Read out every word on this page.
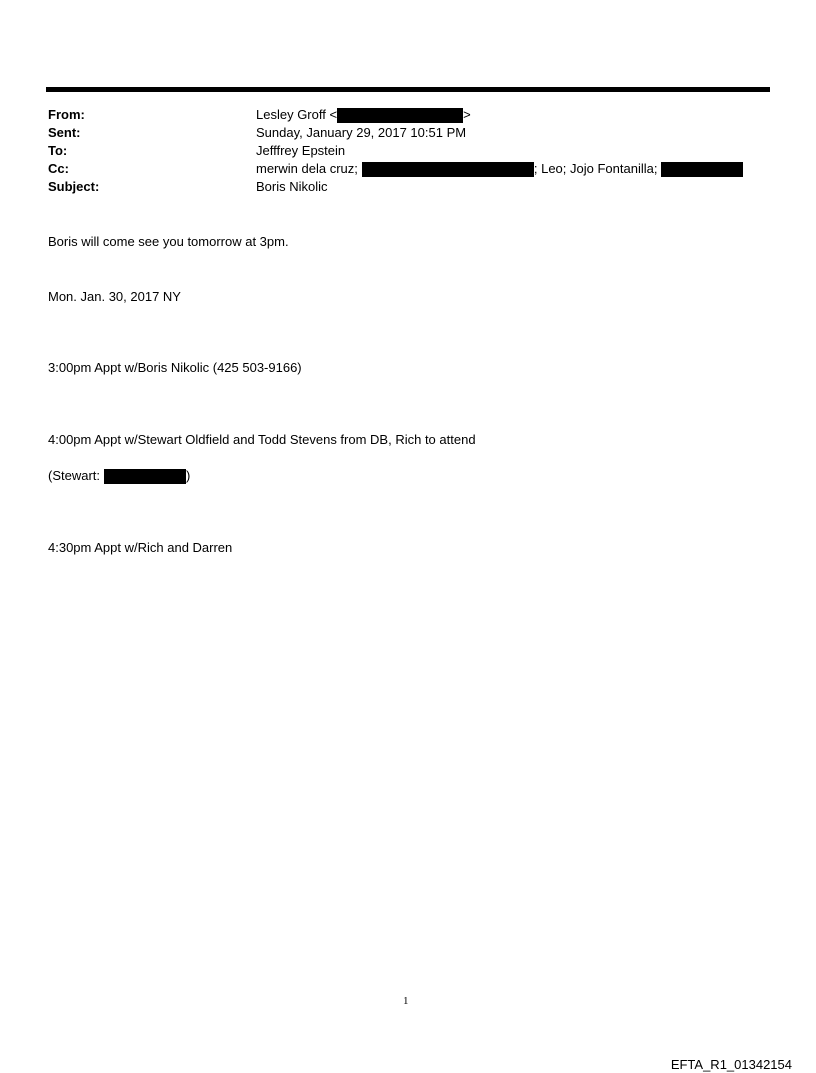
From:	Lesley Groff <	>
Sent:	Sunday, January 29, 2017 10:51 PM
To:	Jefffrey Epstein
Cc:	merwin dela cruz;	; Leo; Jojo Fontanilla;
Subject:	Boris Nikolic
Boris will come see you tomorrow at 3pm.
Mon. Jan. 30, 2017 NY
3:00pm Appt w/Boris Nikolic (425 503-9166)
4:00pm Appt w/Stewart Oldfield and Todd Stevens from DB, Rich to attend
(Stewart:	)
4:30pm Appt w/Rich and Darren
1
EFTA_R1_01342154
